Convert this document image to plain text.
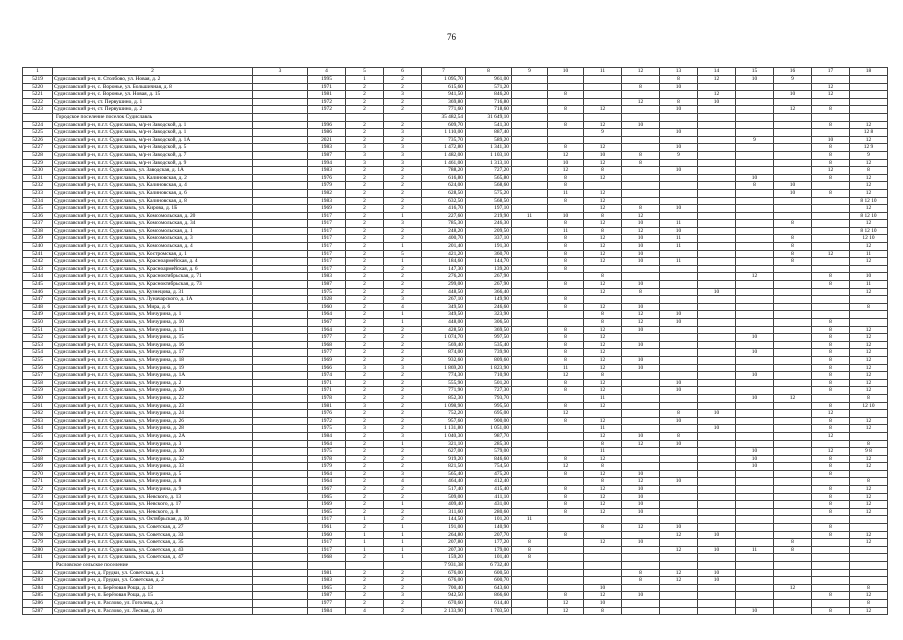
76
1	2	3	4	5	6	7	8	9	10	11	12	13	14	15	16	17	18
5219	Судиславский р-н, п. Столбово, ул. Новая, д. 2		1995	1	2	1 095,70	961,00					8	12	10	9		
5220	Судиславский р-н, с. Воронье, ул. Большичная, д. 8		1971	2	2	615,60	571,20				8	10				12	
5221	Судиславский р-н, с. Воронье, ул. Новая, д. 15		1981	2	3	941,50	846,20		8				12		10	12	
5222	Судиславский р-н, ст. Первушино, д. 1		1972	2	2	369,80	716,80				12	8	10				
5223	Судиславский р-н, ст. Первушино, д. 2		1972	2	2	771,60	718,60		8	12		10			12	8	
	Городское поселение поселок Судиславль					35 482,54	31 649,10										
5224	Судиславский р-н, п.г.т. Судиславль, м/р-н Заводской, д. 1		1996	2	2	609,70	541,30		8	12	10					8	12
5225	Судиславский р-н, п.г.т. Судиславль, м/р-н Заводской, д. 1		1986	2	3	1 110,00	887,40			9		10					12 8
5226	Судиславский р-н, п.г.т. Судиславль, м/р-н Заводской, д. 1А		2021	2	2	735,70	589,20							9		10	12
5227	Судиславский р-н, п.г.т. Судиславль, м/р-н Заводской, д. 5		1983	3	3	1 472,80	1 341,30		8	12		10				8	12 9
5228	Судиславский р-н, п.г.т. Судиславль, м/р-н Заводской, д. 7		1987	3	3	1 482,00	1 103,10		12	10	8	9				8	9
5229	Судиславский р-н, п.г.т. Судиславль, м/р-н Заводской, д. 9		1994	3	3	1 461,00	1 313,10		10	12	8					8	12
5230	Судиславский р-н, п.г.т. Судиславль, ул. Заводская, д. 1А		1983	2	2	788,20	727,20		12	8		10				12	8
5231	Судиславский р-н, п.г.т. Судиславль, ул. Калиновская, д. 2		1976	2	2	616,80	565,80		8	12				10		8	12
5232	Судиславский р-н, п.г.т. Судиславль, ул. Калиновская, д. 4		1979	2	2	624,00	568,60		8					8	10		12
5233	Судиславский р-н, п.г.т. Судиславль, ул. Калиновская, д. 6		1982	2	2	628,50	575,20		11	12					10	8	12
5234	Судиславский р-н, п.г.т. Судиславль, ул. Калиновская, д. 8		1983	2	2	632,50	568,50		8	12							8 12 10
5235	Судиславский р-н, п.г.т. Судиславль, ул. Кирова, д. 1Б		1969	2	2	416,70	197,10			12	8	10					12
5236	Судиславский р-н, п.г.т. Судиславль, ул. Комсомольская, д. 20		1917	2	1	227,60	219,90	11	10	8	12						8 12 10
5237	Судиславский р-н, п.г.т. Судиславль, ул. Комсомольская, д. 34		1917	2	3	785,30	246,30		8	12	10	11			8		12
5238	Судиславский р-н, п.г.т. Судиславль, ул. Комсомольская, д. 1		1917	2	2	248,20	209,50		11	8	12	10					8 12 10
5239	Судиславский р-н, п.г.т. Судиславль, ул. Комсомольская, д. 3		1917	2	2	400,70	337,10		8	12	10	11			8		12 10
5240	Судиславский р-н, п.г.т. Судиславль, ул. Комсомольская, д. 4		1917	2	1	201,40	191,30		8	12	10	11			8		12
5241	Судиславский р-н, п.г.т. Судиславль, ул. Костромская, д. 1		1917	2	5	421,20	360,70		8	12	10				8	12	11
5242	Судиславский р-н, п.г.т. Судиславль, ул. Красноармейская, д. 4		1917	2	1	184,60	144,70		8	12	10	11			8		12
5243	Судиславский р-н, п.г.т. Судиславль, ул. Красноармейская, д. 6		1917	2	2	147,30	139,20		8								
5244	Судиславский р-н, п.г.т. Судиславль, ул. Красноктябрьская, д. 71		1983	2	2	276,20	267,90			8				12		8	10
5245	Судиславский р-н, п.г.т. Судиславль, ул. Красноктябрьская, д. 73		1987	2	2	299,00	267,90		8	12	10					8	11
5246	Судиславский р-н, п.г.т. Судиславль, ул. Кузнецова, д. 31		1975	2	2	448,50	366,40			12	8		10				12
5247	Судиславский р-н, п.г.т. Судиславль, ул. Луначарского, д. 1А		1928	2	3	267,10	149,90		8								
5248	Судиславский р-н, п.г.т. Судиславль, ул. Мира, д. 6		1960	2	4	349,50	246,60		8	12	10						8
5249	Судиславский р-н, п.г.т. Судиславль, ул. Мичурина, д. 1		1964	2	1	349,50	323,90			8	12	10					
5250	Судиславский р-н, п.г.т. Судиславль, ул. Мичурина, д. 10		1967	2	1	448,00	306,50			8	12	10				8	
5251	Судиславский р-н, п.г.т. Судиславль, ул. Мичурина, д. 11		1964	2	2	428,50	369,50		8	12	10					8	12
5252	Судиславский р-н, п.г.т. Судиславль, ул. Мичурина, д. 15		1977	2	2	1 074,70	997,50		8	12				10		8	12
5253	Судиславский р-н, п.г.т. Судиславль, ул. Мичурина, д. 16		1968	2	2	569,40	535,40		8	12	10					8	12
5254	Судиславский р-н, п.г.т. Судиславль, ул. Мичурина, д. 17		1977	2	2	874,00	739,90		8	12				10		8	12
5255	Судиславский р-н, п.г.т. Судиславль, ул. Мичурина, д. 18		1969	2	2	932,60	809,60		8	12	10					8	12
5256	Судиславский р-н, п.г.т. Судиславль, ул. Мичурина, д. 19		1966	3	3	1 869,20	1 823,90		11	12	10					8	12
5257	Судиславский р-н, п.г.т. Судиславль, ул. Мичурина, д. 1А		1974	2	2	774,30	710,90		12	8				10		8	12
5258	Судиславский р-н, п.г.т. Судиславль, ул. Мичурина, д. 2		1971	2	2	555,90	501,20		8	12		10				8	12
5259	Судиславский р-н, п.г.т. Судиславль, ул. Мичурина, д. 20		1971	2	2	771,90	727,30		8	12		10				8	12
5260	Судиславский р-н, п.г.т. Судиславль, ул. Мичурина, д. 22		1978	2	2	852,30	793,70			11				10	12		8
5261	Судиславский р-н, п.г.т. Судиславль, ул. Мичурина, д. 23		1981	3	2	1 098,90	995,50		8	12						8	12 10
5262	Судиславский р-н, п.г.т. Судиславль, ул. Мичурина, д. 24		1976	2	2	752,20	695,00		12			8	10			12	
5263	Судиславский р-н, п.г.т. Судиславль, ул. Мичурина, д. 26		1972	2	2	957,60	900,00		8	12		10				8	12
5264	Судиславский р-н, п.г.т. Судиславль, ул. Мичурина, д. 28		1975	3	2	1 131,80	1 051,00			11			10			8	12
5265	Судиславский р-н, п.г.т. Судиславль, ул. Мичурина, д. 2А		1984	2	3	1 040,30	987,70			12	10	8				12	
5266	Судиславский р-н, п.г.т. Судиславль, ул. Мичурина, д. 3		1964	2	1	321,10	285,30			8	12	10					8
5267	Судиславский р-н, п.г.т. Судиславль, ул. Мичурина, д. 30		1975	2	2	627,00	579,00			11				10		12	9 8
5268	Судиславский р-н, п.г.т. Судиславль, ул. Мичурина, д. 32		1978	2	2	919,20	846,60		8	12				10		8	12
5269	Судиславский р-н, п.г.т. Судиславль, ул. Мичурина, д. 33		1979	2	2	821,50	754,50		12	8				10		8	12
5270	Судиславский р-н, п.г.т. Судиславль, ул. Мичурина, д. 5		1964	2	3	565,40	475,20		8	12	10					8	
5271	Судиславский р-н, п.г.т. Судиславль, ул. Мичурина, д. 8		1964	2	4	464,40	412,40			8	12	10					8
5272	Судиславский р-н, п.г.т. Судиславль, ул. Мичурина, д. 9		1967	2	2	517,40	415,40		8	12	10					8	12
5273	Судиславский р-н, п.г.т. Судиславль, ул. Невского, д. 13		1965	2	2	509,00	411,10		8	12	10					8	12
5274	Судиславский р-н, п.г.т. Судиславль, ул. Невского, д. 17		1969	2	1	409,40	431,00		8	12	10					8	12
5275	Судиславский р-н, п.г.т. Судиславль, ул. Невского, д. 8		1965	2	2	311,60	280,60		8	12	10					8	12
5276	Судиславский р-н, п.г.т. Судиславль, ул. Октябрьская, д. 10		1917	1	2	144,50	101,20	11									
5277	Судиславский р-н, п.г.т. Судиславль, ул. Советская, д. 27		1961	2	1	191,00	140,90			8	12	10				8	
5278	Судиславский р-н, п.г.т. Судиславль, ул. Советская, д. 33		1960	1	1	264,80	207,70		8			12	10			8	12
5279	Судиславский р-н, п.г.т. Судиславль, ул. Советская, д. 35		1917	1	1	207,80	177,20	8		12	10				8		12
5280	Судиславский р-н, п.г.т. Судиславль, ул. Советская, д. 43		1917	1	1	207,30	179,00	8				12	10	11	8		
5281	Судиславский р-н, п.г.т. Судиславль, ул. Советская, д. 47		1968	2	1	159,20	101,40	8									
	Расловское сельское поселение					7 931,38	6 732,40										
5282	Судиславский р-н, д. Грудки, ул. Советская, д. 1		1981	2	2	676,00	600,50				8	12	10				
5283	Судиславский р-н, д. Грудки, ул. Советская, д. 2		1983	2	2	676,00	600,70				8	12	10				
5284	Судиславский р-н, п. Берёзовая Роща, д. 13		1965	2	2	700,40	643,60			10					12		8
5285	Судиславский р-н, п. Берёзовая Роща, д. 15		1987	2	3	942,50	866,60		8	12	10					8	12
5286	Судиславский р-н, п. Раслово, ул. Гоголева, д. 3		1977	2	2	670,60	614,40		12	10							8
5287	Судиславский р-н, п. Раслово, ул. Лесная, д. 10		1984	4	2	2 133,90	1 703,50		12	8				10		8	12
